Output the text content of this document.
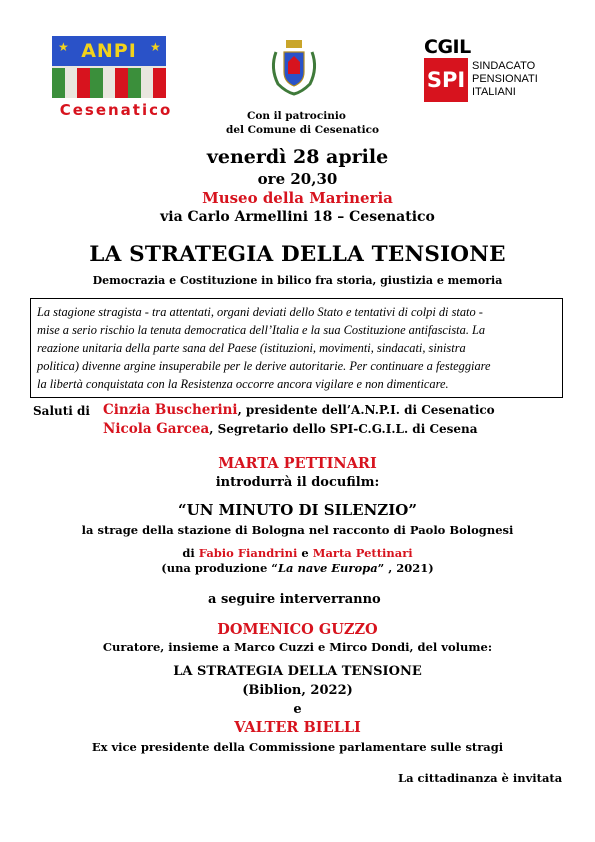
★ ANPI	★
Cesenatico
CGIL
SPI
SINDACATO
PENSIONATI
ITALIANI
Con il patrocinio
del Comune di Cesenatico
venerdì 28 aprile
ore 20,30
Museo della Marineria
via Carlo Armellini 18 – Cesenatico
LA STRATEGIA DELLA TENSIONE
Democrazia e Costituzione in bilico fra storia, giustizia e memoria
La stagione stragista - tra attentati, organi deviati dello Stato e tentativi di colpi di stato -
mise a serio rischio la tenuta democratica dell’Italia e la sua Costituzione antifascista. La
reazione unitaria della parte sana del Paese (istituzioni, movimenti, sindacati, sinistra
politica) divenne argine insuperabile per le derive autoritarie. Per continuare a festeggiare
la libertà conquistata con la Resistenza occorre ancora vigilare e non dimenticare.
Saluti di Cinzia Buscherini, presidente dell’A.N.P.I. di Cesenatico
Nicola Garcea, Segretario dello SPI-C.G.I.L. di Cesena
MARTA PETTINARI
introdurrà il docufilm:
“UN MINUTO DI SILENZIO”
la strage della stazione di Bologna nel racconto di Paolo Bolognesi
di Fabio Fiandrini e Marta Pettinari
(una produzione “La nave Europa” , 2021)
a seguire interverranno
DOMENICO GUZZO
Curatore, insieme a Marco Cuzzi e Mirco Dondi, del volume:
LA STRATEGIA DELLA TENSIONE
(Biblion, 2022)
e
VALTER BIELLI
Ex vice presidente della Commissione parlamentare sulle stragi
La cittadinanza è invitata
